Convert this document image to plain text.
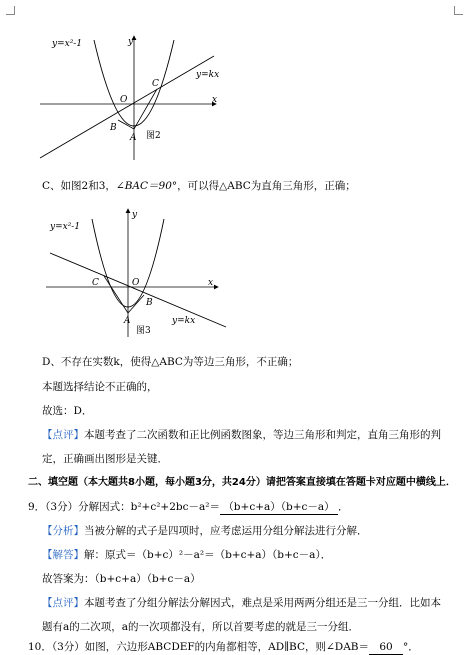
y=x²-1
y=kx
y
x
O
A
B
C
图2
C、如图2和3，∠BAC＝90°，可以得△ABC为直角三角形，正确；
y=x²-1
y=kx
y
x
O
A
B
C
图3
D、不存在实数k，使得△ABC为等边三角形，不正确；
本题选择结论不正确的，
故选：D．
【点评】本题考查了二次函数和正比例函数图象，等边三角形和判定，直角三角形的判
定，正确画出图形是关键．
二、填空题（本大题共8小题，每小题3分，共24分）请把答案直接填在答题卡对应题中横线上．
9．（3分）分解因式：b²+c²+2bc－a²＝ （b+c+a）（b+c－a） ．
【分析】当被分解的式子是四项时，应考虑运用分组分解法进行分解．
【解答】解：原式＝（b+c）²－a²＝（b+c+a）（b+c－a）．
故答案为：（b+c+a）（b+c－a）
【点评】本题考查了分组分解法分解因式，难点是采用两两分组还是三一分组．比如本
题有a的二次项，a的一次项都没有，所以首要考虑的就是三一分组．
10．（3分）如图，六边形ABCDEF的内角都相等，AD∥BC，则∠DAB＝ 60 °．
